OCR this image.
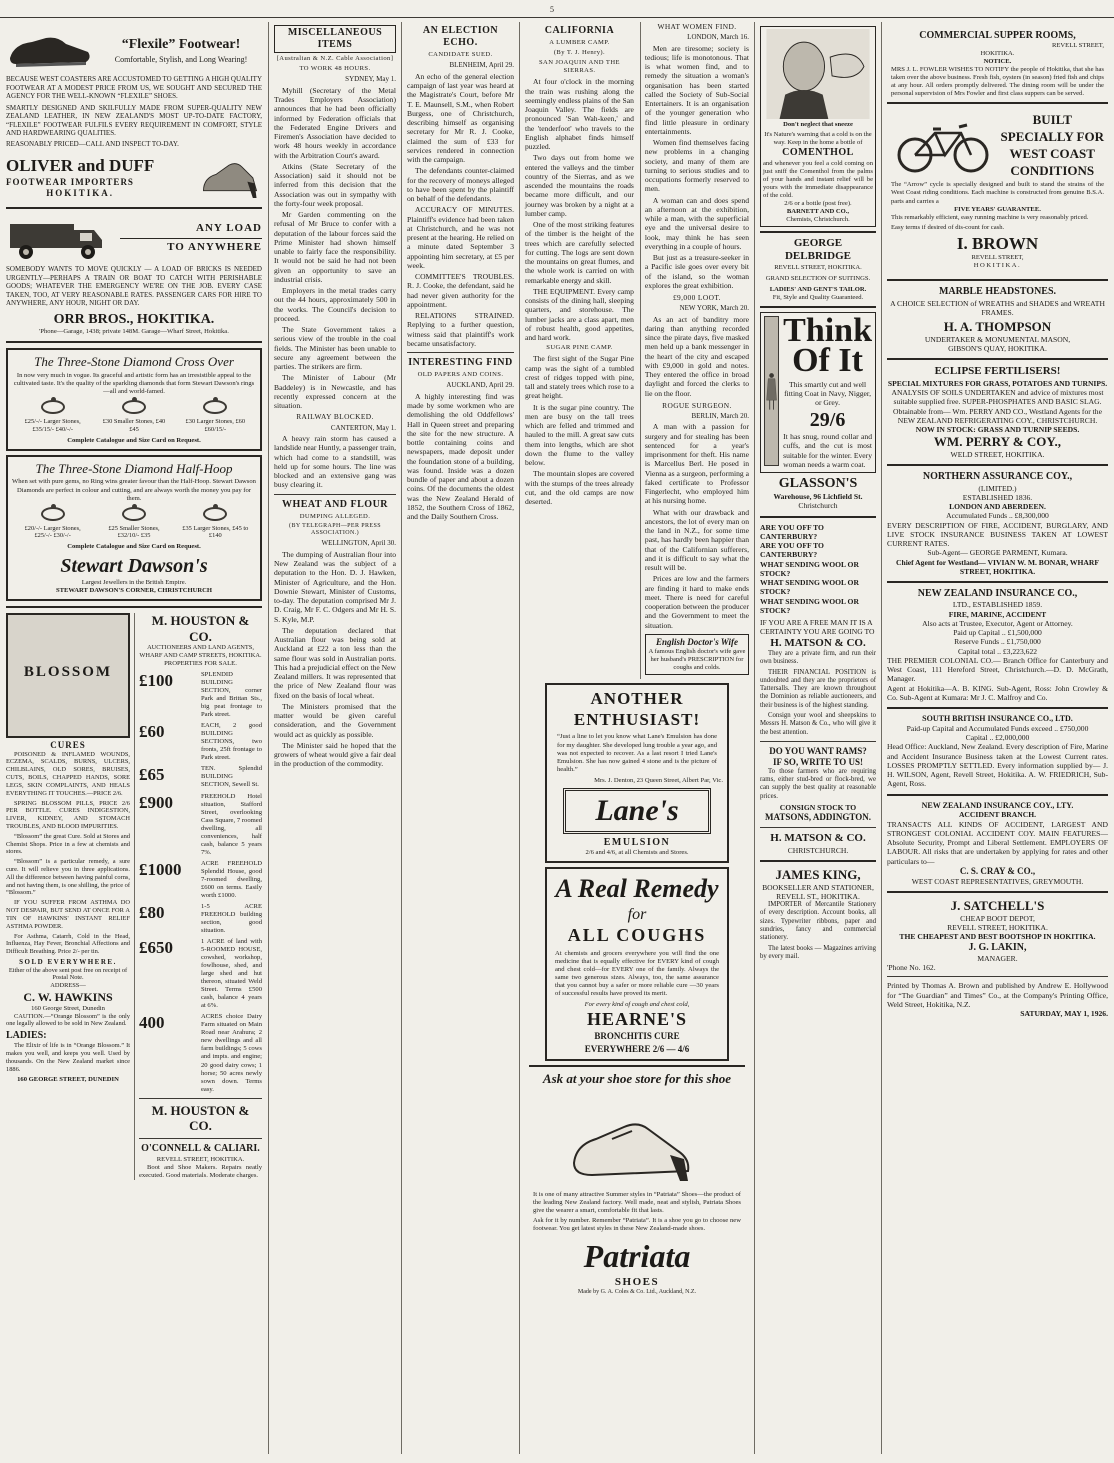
5
“Flexile” Footwear!
Comfortable, Stylish, and Long Wearing!
BECAUSE WEST COASTERS ARE ACCUSTOMED TO GETTING A HIGH QUALITY FOOTWEAR AT A MODEST PRICE FROM US, WE SOUGHT AND SECURED THE AGENCY FOR THE WELL-KNOWN “FLEXILE” SHOES.
SMARTLY DESIGNED AND SKILFULLY MADE FROM SUPER-QUALITY NEW ZEALAND LEATHER, IN NEW ZEALAND'S MOST UP-TO-DATE FACTORY, “FLEXILE” FOOTWEAR FULFILS EVERY REQUIREMENT IN COMFORT, STYLE AND HARDWEARING QUALITIES.
REASONABLY PRICED—CALL AND INSPECT TO-DAY.
OLIVER and DUFF
FOOTWEAR IMPORTERS
HOKITIKA.
ANY LOAD
TO ANYWHERE
SOMEBODY WANTS TO MOVE QUICKLY — A LOAD OF BRICKS IS NEEDED URGENTLY—PERHAPS A TRAIN OR BOAT TO CATCH WITH PERISHABLE GOODS; WHATEVER THE EMERGENCY WE'RE ON THE JOB. EVERY CASE TAKEN, TOO, AT VERY REASONABLE RATES. PASSENGER CARS FOR HIRE TO ANYWHERE, ANY HOUR, NIGHT OR DAY.
ORR BROS., HOKITIKA.
'Phone—Garage, 1438; private 148M. Garage—Wharf Street, Hokitika.
The Three-Stone Diamond Cross Over
In now very much in vogue. Its graceful and artistic form has an irresistible appeal to the cultivated taste. It's the quality of the sparkling diamonds that form Stewart Dawson's rings—all and world-famed.
£25/-/- Larger Stones, £35/15/- £40/-/-
£30 Smaller Stones, £40 £45
£30 Larger Stones, £60 £60/15/-
Complete Catalogue and Size Card on Request.
The Three-Stone Diamond Half-Hoop
When set with pure gems, no Ring wins greater favour than the Half-Hoop. Stewart Dawson Diamonds are perfect in colour and cutting, and are always worth the money you pay for them.
£20/-/- Larger Stones, £25/-/- £30/-/-
£25 Smaller Stones, £32/10/- £35
£35 Larger Stones, £45 to £140
Complete Catalogue and Size Card on Request.
Stewart Dawson's
Largest Jewellers in the British Empire.
STEWART DAWSON'S CORNER, CHRISTCHURCH
BLOSSOM
CURES

POISONED & INFLAMED WOUNDS, ECZEMA, SCALDS, BURNS, ULCERS, CHILBLAINS, OLD SORES, BRUISES, CUTS, BOILS, CHAPPED HANDS, SORE LEGS, SKIN COMPLAINTS, AND HEALS EVERYTHING IT TOUCHES.—PRICE 2/6.

SPRING BLOSSOM PILLS, PRICE 2/6 PER BOTTLE. CURES INDIGESTION, LIVER, KIDNEY, AND STOMACH TROUBLES, AND BLOOD IMPURITIES.

“Blossom” the great Cure. Sold at Stores and Chemist Shops. Price in a few at chemists and stores.

“Blossom” is a particular remedy, a sure cure. It will relieve you in three applications. All the difference between having painful corns, and not having them, is one shilling, the price of “Blossom.”

IF YOU SUFFER FROM ASTHMA DO NOT DESPAIR, BUT SEND AT ONCE FOR A TIN OF HAWKINS' INSTANT RELIEF ASTHMA POWDER.

For Asthma, Catarrh, Cold in the Head, Influenza, Hay Fever, Bronchial Affections and Difficult Breathing. Price 2/- per tin.

SOLD EVERYWHERE.
Either of the above sent post free on receipt of Postal Note.
ADDRESS—
C. W. HAWKINS
160 George Street, Dunedin

CAUTION.—“Orange Blossom” is the only one legally allowed to be sold in New Zealand.

LADIES:

The Elixir of life is in “Orange Blossom.” It makes you well, and keeps you well. Used by thousands. On the New Zealand market since 1886.

160 GEORGE STREET, DUNEDIN
M. HOUSTON & CO.
AUCTIONEERS AND LAND AGENTS, WHARF AND CAMP STREETS, HOKITIKA.
PROPERTIES FOR SALE.
£100	SPLENDID BUILDING SECTION, corner Park and Brittan Sts., big peat frontage to Park street.
£60	EACH, 2 good BUILDING SECTIONS, two fronts, 25ft frontage to Park street.
£65	TEN. Splendid BUILDING SECTION, Sewell St.
£900	FREEHOLD Hotel situation, Stafford Street, overlooking Cass Square, 7 roomed dwelling, all conveniences, half cash, balance 5 years 7%.
£1000	ACRE FREEHOLD Splendid House, good 7-roomed dwelling, £600 on terms. Easily worth £1000.
£80	1-5 ACRE FREEHOLD building section, good situation.
£650	1 ACRE of land with 5-ROOMED HOUSE, cowshed, workshop, fowlhouse, shed, and large shed and hut thereon, situated Weld Street. Terms £500 cash, balance 4 years at 6%.
400	ACRES choice Dairy Farm situated on Main Road near Arahura; 2 new dwellings and all farm buildings; 5 cows and impts. and engine; 20 good dairy cows; 1 horse; 50 acres newly sown down. Terms easy.
M. HOUSTON & CO.
O'CONNELL & CALIARI.
REVELL STREET, HOKITIKA.

Boot and Shoe Makers. Repairs neatly executed. Good materials. Moderate charges.

MISCELLANEOUS ITEMS
[Australian & N.Z. Cable Association]
TO WORK 48 HOURS.
SYDNEY, May 1.

Myhill (Secretary of the Metal Trades Employers Association) announces that he had been officially informed by Federation officials that the Federated Engine Drivers and Firemen's Association have decided to work 48 hours weekly in accordance with the Arbitration Court's award.

Atkins (State Secretary of the Association) said it should not be inferred from this decision that the Association was out in sympathy with the forty-four week proposal.

Mr Garden commenting on the refusal of Mr Bruce to confer with a deputation of the labour forces said the Prime Minister had shown himself unable to fairly face the responsibility. It would not be said he had not been given an opportunity to save an industrial crisis.

Employers in the metal trades carry out the 44 hours, approximately 500 in the works. The Council's decision to proceed.

The State Government takes a serious view of the trouble in the coal fields. The Minister has been unable to secure any agreement between the parties. The strikers are firm.

The Minister of Labour (Mr Baddeley) is in Newcastle, and has recently expressed concern at the situation.

RAILWAY BLOCKED.
CANTERTON, May 1.

A heavy rain storm has caused a landslide near Huntly, a passenger train, which had come to a standstill, was held up for some hours. The line was blocked and an extensive gang was busy clearing it.

WHEAT AND FLOUR
DUMPING ALLEGED.
(BY TELEGRAPH—PER PRESS ASSOCIATION.)
WELLINGTON, April 30.

The dumping of Australian flour into New Zealand was the subject of a deputation to the Hon. D. J. Hawken, Minister of Agriculture, and the Hon. Downie Stewart, Minister of Customs, to-day. The deputation comprised Mr J. D. Craig, Mr F. C. Odgers and Mr H. S. S. Kyle, M.P.

The deputation declared that Australian flour was being sold at Auckland at £22 a ton less than the same flour was sold in Australian ports. This had a prejudicial effect on the New Zealand millers. It was represented that the price of New Zealand flour was fixed on the basis of local wheat.

The Ministers promised that the matter would be given careful consideration, and the Government would act as quickly as possible.

The Minister said he hoped that the growers of wheat would give a fair deal in the production of the commodity.

AN ELECTION ECHO.
CANDIDATE SUED.
BLENHEIM, April 29.

An echo of the general election campaign of last year was heard at the Magistrate's Court, before Mr T. E. Maunsell, S.M., when Robert Burgess, one of Christchurch, describing himself as organising secretary for Mr R. J. Cooke, claimed the sum of £33 for services rendered in connection with the campaign.

The defendants counter-claimed for the recovery of moneys alleged to have been spent by the plaintiff on behalf of the defendants.

ACCURACY OF MINUTES. Plaintiff's evidence had been taken at Christchurch, and he was not present at the hearing. He relied on a minute dated September 3 appointing him secretary, at £5 per week.

COMMITTEE'S TROUBLES. R. J. Cooke, the defendant, said he had never given authority for the appointment.

RELATIONS STRAINED. Replying to a further question, witness said that plaintiff's work became unsatisfactory.

INTERESTING FIND
OLD PAPERS AND COINS.
AUCKLAND, April 29.

A highly interesting find was made by some workmen who are demolishing the old Oddfellows' Hall in Queen street and preparing the site for the new structure. A bottle containing coins and newspapers, made deposit under the foundation stone of a building, was found. Inside was a dozen bundle of paper and about a dozen coins. Of the documents the oldest was the New Zealand Herald of 1852, the Southern Cross of 1862, and the Daily Southern Cross.

CALIFORNIA
A LUMBER CAMP.
(By T. J. Henry).
SAN JOAQUIN AND THE SIERRAS.

At four o'clock in the morning the train was rushing along the seemingly endless plains of the San Joaquin Valley. The fields are pronounced 'San Wah-keen,' and the 'tenderfoot' who travels to the English alphabet finds himself puzzled.

Two days out from home we entered the valleys and the timber country of the Sierras, and as we ascended the mountains the roads became more difficult, and our journey was broken by a night at a lumber camp.

One of the most striking features of the timber is the height of the trees which are carefully selected for cutting. The logs are sent down the mountains on great flumes, and the whole work is carried on with remarkable energy and skill.

THE EQUIPMENT. Every camp consists of the dining hall, sleeping quarters, and storehouse. The lumber jacks are a class apart, men of robust health, good appetites, and hard work.

SUGAR PINE CAMP.

The first sight of the Sugar Pine camp was the sight of a tumbled crest of ridges topped with pine, tall and stately trees which rose to a great height.

It is the sugar pine country. The men are busy on the tall trees which are felled and trimmed and hauled to the mill. A great saw cuts them into lengths, which are shot down the flume to the valley below.

The mountain slopes are covered with the stumps of the trees already cut, and the old camps are now deserted.

WHAT WOMEN FIND.
LONDON, March 16.

Men are tiresome; society is tedious; life is monotonous. That is what women find, and to remedy the situation a woman's organisation has been started called the Society of Sub-Social Entertainers. It is an organisation of the younger generation who find little pleasure in ordinary entertainments.

Women find themselves facing new problems in a changing society, and many of them are turning to serious studies and to occupations formerly reserved to men.

A woman can and does spend an afternoon at the exhibition, while a man, with the superficial eye and the universal desire to look, may think he has seen everything in a couple of hours.

But just as a treasure-seeker in a Pacific isle goes over every bit of the island, so the woman explores the great exhibition.

£9,000 LOOT.
NEW YORK, March 20.

As an act of banditry more daring than anything recorded since the pirate days, five masked men held up a bank messenger in the heart of the city and escaped with £9,000 in gold and notes. They entered the office in broad daylight and forced the clerks to lie on the floor.

ROGUE SURGEON.
BERLIN, March 20.

A man with a passion for surgery and for stealing has been sentenced for a year's imprisonment for theft. His name is Marcellus Berl. He posed in Vienna as a surgeon, performing a faked certificate to Professor Fingerlecht, who employed him at his nursing home.

What with our drawback and ancestors, the lot of every man on the land in N.Z., for some time past, has hardly been happier than that of the Californian sufferers, and it is difficult to say what the result will be.

Prices are low and the farmers are finding it hard to make ends meet. There is need for careful cooperation between the producer and the Government to meet the situation.

English Doctor's Wife
A famous English doctor's wife gave her husband's PRESCRIPTION for coughs and colds.
ANOTHER ENTHUSIAST!
“Just a line to let you know what Lane's Emulsion has done for my daughter. She developed lung trouble a year ago, and was not expected to recover. As a last resort I tried Lane's Emulsion. She has now gained 4 stone and is the picture of health.”
Mrs. J. Denton, 23 Queen Street, Albert Par, Vic.
Lane's
EMULSION
2/6 and 4/6, at all Chemists and Stores.
A Real Remedy
for
ALL COUGHS
At chemists and grocers everywhere you will find the one medicine that is equally effective for EVERY kind of cough and chest cold—for EVERY one of the family. Always the same two generous sizes. Always, too, the same assurance that you cannot buy a safer or more reliable cure —30 years of successful results have proved its merit.
For every kind of cough and chest cold,
HEARNE'S
BRONCHITIS CURE
EVERYWHERE 2/6 — 4/6
Ask at your shoe store for this shoe
It is one of many attractive Summer styles in “Patriata” Shoes—the product of the leading New Zealand factory. Well made, neat and stylish, Patriata Shoes give the wearer a smart, comfortable fit that lasts.
Ask for it by number. Remember “Patriata”. It is a shoe you go to choose new footwear. You get latest styles in these New Zealand-made shoes.
Patriata
SHOES
Made by G. A. Coles & Co. Ltd., Auckland, N.Z.
Don't neglect that sneeze
It's Nature's warning that a cold is on the way. Keep in the home a bottle of
COMENTHOL
and whenever you feel a cold coming on just sniff the Comenthol from the palms of your hands and instant relief will be yours with the immediate disappearance of the cold.
2/6 or a bottle (post free).
BARNETT AND CO.,
Chemists, Christchurch.
GEORGE DELBRIDGE
REVELL STREET, HOKITIKA.
GRAND SELECTION OF SUITINGS.
LADIES' AND GENT'S TAILOR.
Fit, Style and Quality Guaranteed.
Think Of It
This smartly cut and well fitting Coat in Navy, Nigger, or Grey.
29/6
It has snug, round collar and cuffs, and the cut is most suitable for the winter. Every woman needs a warm coat.
GLASSON'S
Warehouse, 96 Lichfield St.
Christchurch
ARE YOU OFF TO CANTERBURY?
ARE YOU OFF TO CANTERBURY?
WHAT SENDING WOOL OR STOCK?
WHAT SENDING WOOL OR STOCK?
WHAT SENDING WOOL OR STOCK?
IF YOU ARE A FREE MAN IT IS A CERTAINTY YOU ARE GOING TO
H. MATSON & CO.

They are a private firm, and run their own business.

THEIR FINANCIAL POSITION is undoubted and they are the proprietors of Tattersalls. They are known throughout the Dominion as reliable auctioneers, and their business is of the highest standing.

Consign your wool and sheepskins to Messrs H. Matson & Co., who will give it the best attention.

DO YOU WANT RAMS?
IF SO, WRITE TO US!

To those farmers who are requiring rams, either stud-bred or flock-bred, we can supply the best quality at reasonable prices.

CONSIGN STOCK TO
MATSONS, ADDINGTON.
H. MATSON & CO.
CHRISTCHURCH.
JAMES KING,
BOOKSELLER AND STATIONER,
REVELL ST., HOKITIKA.

IMPORTER of Mercantile Stationery of every description. Account books, all sizes. Typewriter ribbons, paper and sundries, fancy and commercial stationery.

The latest books — Magazines arriving by every mail.

COMMERCIAL SUPPER ROOMS,
REVELL STREET,
HOKITIKA.
NOTICE.
MRS J. L. FOWLER WISHES TO NOTIFY the people of Hokitika, that she has taken over the above business. Fresh fish, oysters (in season) fried fish and chips at any hour. All orders promptly delivered. The dining room will be under the personal supervision of Mrs Fowler and first class suppers can be served.
BUILT SPECIALLY FOR WEST COAST CONDITIONS
The “Arrow” cycle is specially designed and built to stand the strains of the West Coast riding conditions. Each machine is constructed from genuine B.S.A. parts and carries a
FIVE YEARS' GUARANTEE.
This remarkably efficient, easy running machine is very reasonably priced.
Easy terms if desired of dis-count for cash.
I. BROWN
REVELL STREET,
HOKITIKA.
MARBLE HEADSTONES.
A CHOICE SELECTION of WREATHS and SHADES and WREATH FRAMES.
H. A. THOMPSON
UNDERTAKER & MONUMENTAL MASON,
GIBSON'S QUAY, HOKITIKA.
ECLIPSE FERTILISERS!
SPECIAL MIXTURES FOR GRASS, POTATOES AND TURNIPS.
ANALYSIS OF SOILS UNDERTAKEN and advice of mixtures most suitable supplied free. SUPER-PHOSPHATES AND BASIC SLAG.
Obtainable from— Wm. PERRY AND CO., Westland Agents for the NEW ZEALAND REFRIGERATING COY., CHRISTCHURCH.
NOW IN STOCK: GRASS AND TURNIP SEEDS.
WM. PERRY & COY.,
WELD STREET, HOKITIKA.
NORTHERN ASSURANCE COY.,
(LIMITED.)
ESTABLISHED 1836.
LONDON AND ABERDEEN.
Accumulated Funds .. £8,300,000
EVERY DESCRIPTION OF FIRE, ACCIDENT, BURGLARY, AND LIVE STOCK INSURANCE BUSINESS TAKEN AT LOWEST CURRENT RATES.
Sub-Agent— GEORGE PARMENT, Kumara.
Chief Agent for Westland— VIVIAN W. M. BONAR, WHARF STREET, HOKITIKA.
NEW ZEALAND INSURANCE CO.,
LTD., ESTABLISHED 1859.
FIRE, MARINE, ACCIDENT
Also acts at Trustee, Executor, Agent or Attorney.
Paid up Capital .. £1,500,000
Reserve Funds .. £1,750,000
Capital total .. £3,223,622
THE PREMIER COLONIAL CO.— Branch Office for Canterbury and West Coast, 111 Hereford Street, Christchurch.—D. D. McGrath, Manager.
Agent at Hokitika—A. B. KING. Sub-Agent, Ross: John Crowley & Co. Sub-Agent at Kumara: Mr J. C. Malfroy and Co.
SOUTH BRITISH INSURANCE CO., LTD.
Paid-up Capital and Accumulated Funds exceed .. £750,000
Capital .. £2,000,000
Head Office: Auckland, New Zealand. Every description of Fire, Marine and Accident Insurance Business taken at the Lowest Current rates. LOSSES PROMPTLY SETTLED. Every information supplied by— J. H. WILSON, Agent, Revell Street, Hokitika. A. W. FRIEDRICH, Sub-Agent, Ross.
NEW ZEALAND INSURANCE COY., LTY.
ACCIDENT BRANCH.
TRANSACTS ALL KINDS OF ACCIDENT, LARGEST AND STRONGEST COLONIAL ACCIDENT COY. MAIN FEATURES—Absolute Security, Prompt and Liberal Settlement. EMPLOYERS OF LABOUR. All risks that are undertaken by applying for rates and other particulars to—
C. S. CRAY & CO.,
WEST COAST REPRESENTATIVES, GREYMOUTH.
J. SATCHELL'S
CHEAP BOOT DEPOT,
REVELL STREET, HOKITIKA.
THE CHEAPEST AND BEST BOOTSHOP IN HOKITIKA.
J. G. LAKIN,
MANAGER.
'Phone No. 162.
Printed by Thomas A. Brown and published by Andrew E. Hollywood for “The Guardian” and Times” Co., at the Company's Printing Office, Weld Street, Hokitika, N.Z.
SATURDAY, MAY 1, 1926.
